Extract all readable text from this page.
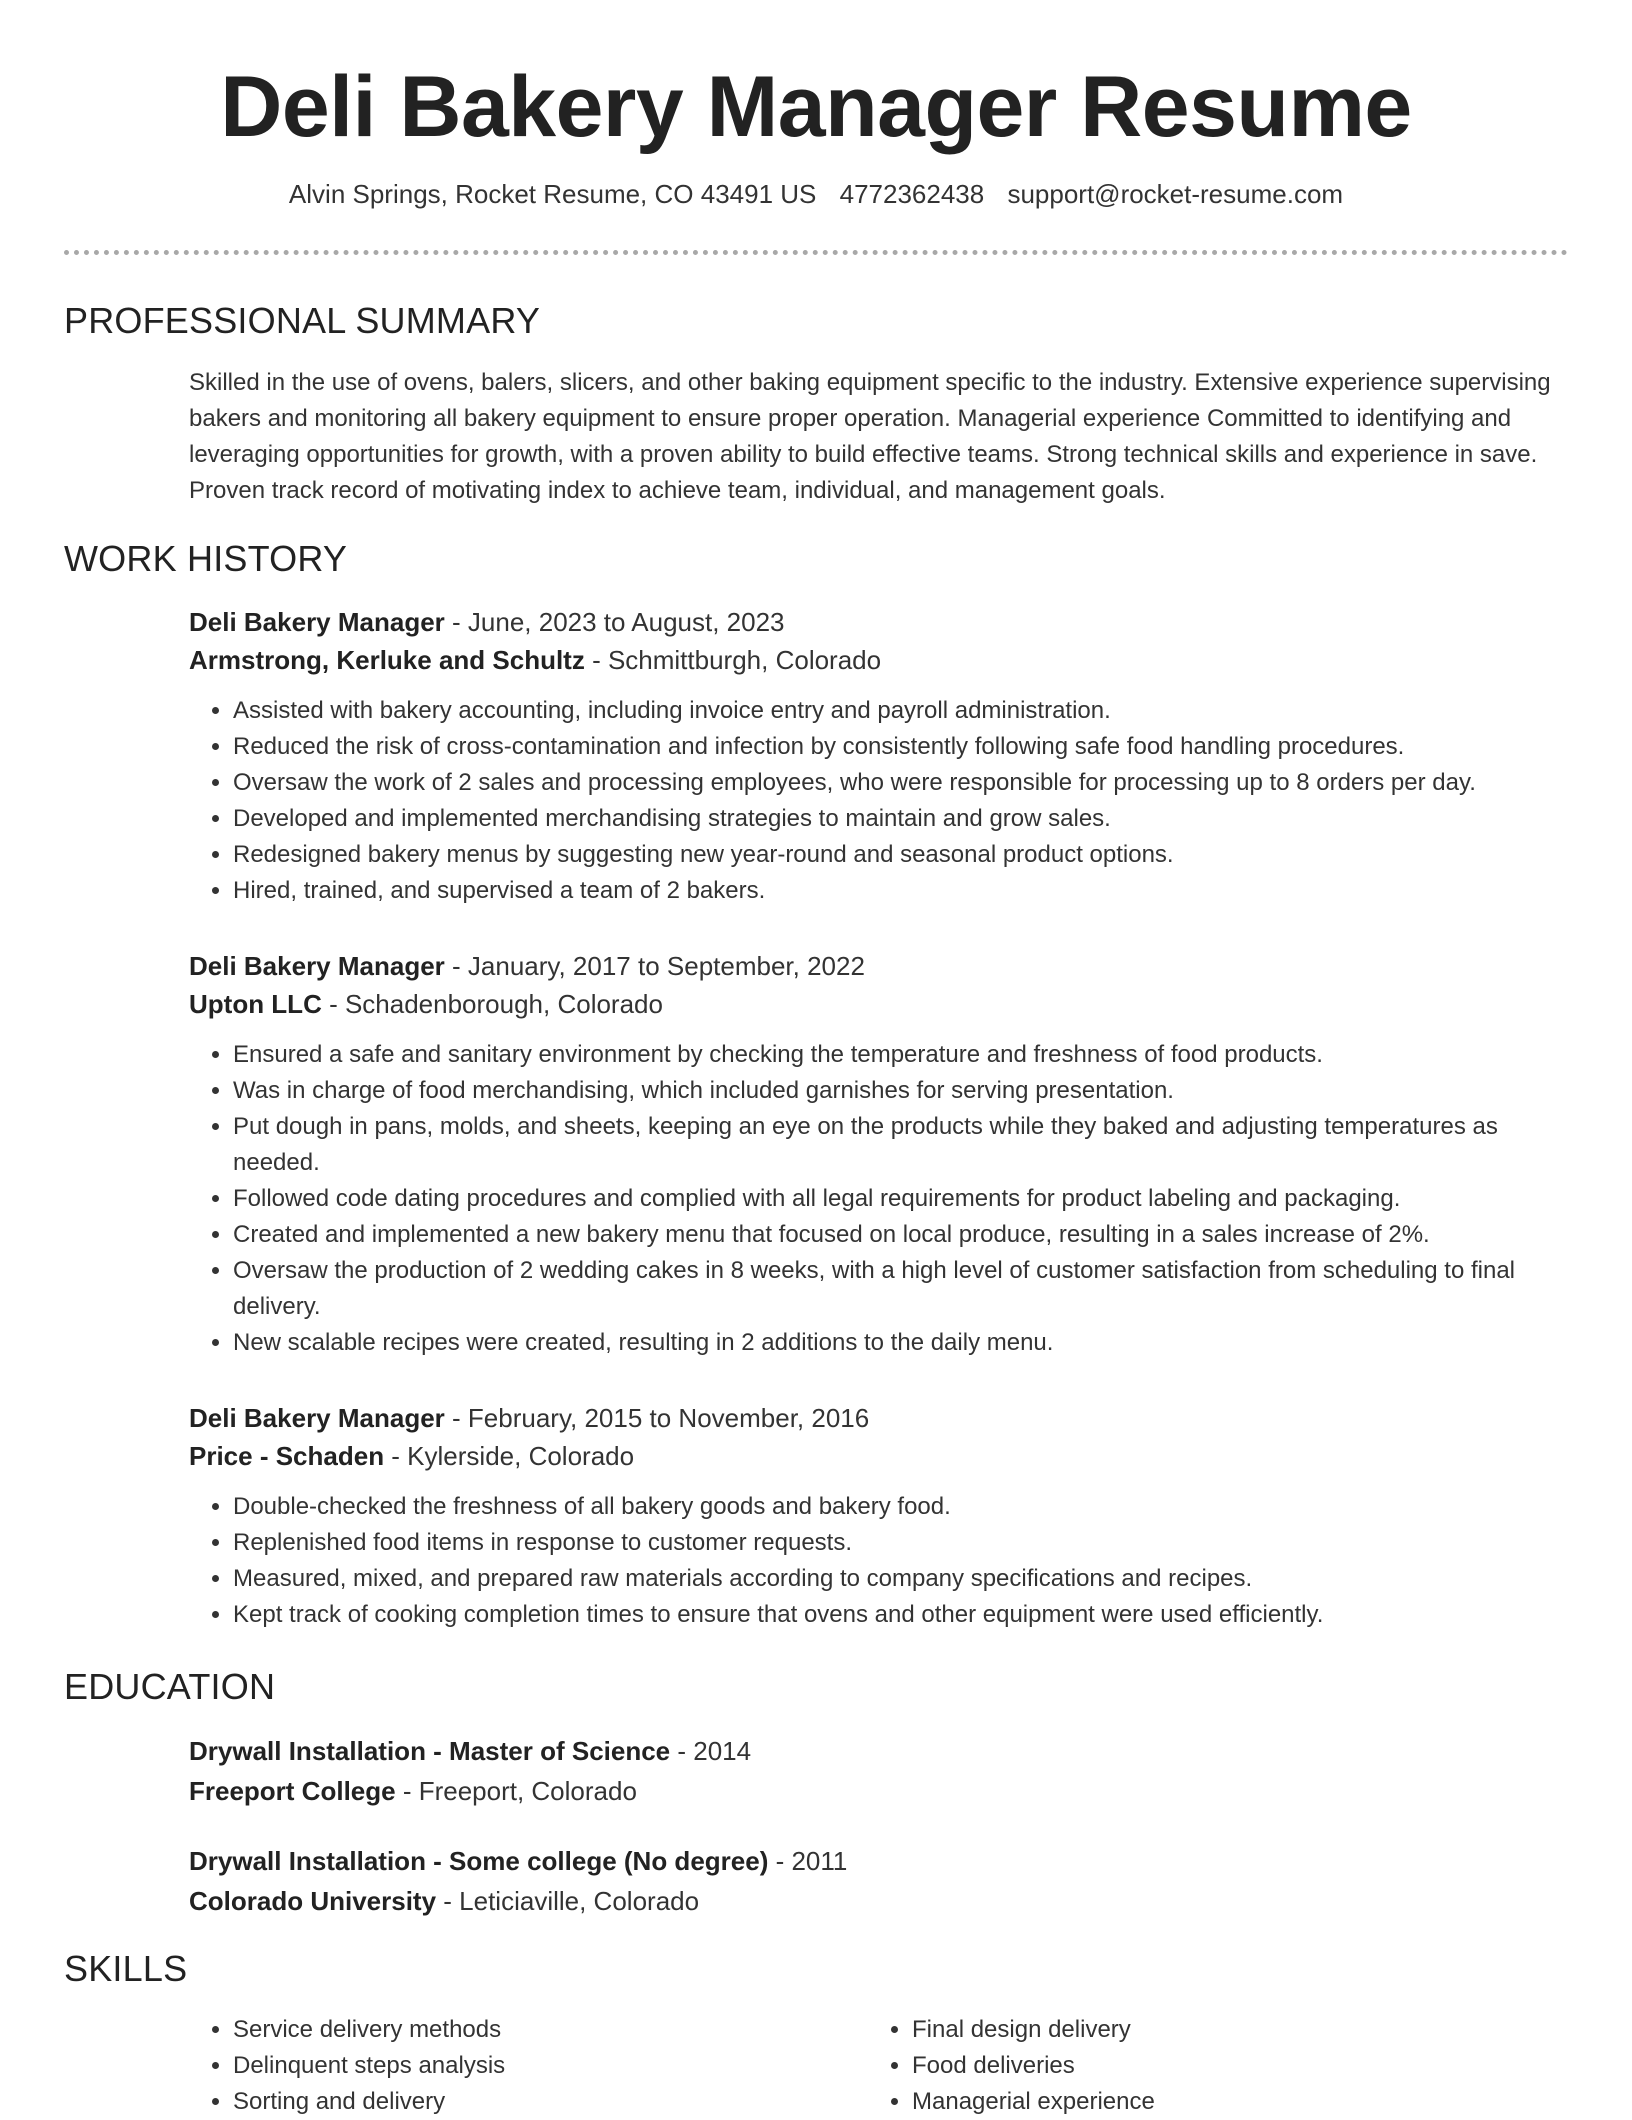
Deli Bakery Manager Resume
Alvin Springs, Rocket Resume, CO 43491 US 4772362438 support@rocket-resume.com
PROFESSIONAL SUMMARY

Skilled in the use of ovens, balers, slicers, and other baking equipment specific to the industry. Extensive experience supervising bakers and monitoring all bakery equipment to ensure proper operation. Managerial experience Committed to identifying and leveraging opportunities for growth, with a proven ability to build effective teams. Strong technical skills and experience in save. Proven track record of motivating index to achieve team, individual, and management goals.

WORK HISTORY
Deli Bakery Manager - June, 2023 to August, 2023
Armstrong, Kerluke and Schultz - Schmittburgh, Colorado
• Assisted with bakery accounting, including invoice entry and payroll administration.
• Reduced the risk of cross-contamination and infection by consistently following safe food handling procedures.
• Oversaw the work of 2 sales and processing employees, who were responsible for processing up to 8 orders per day.
• Developed and implemented merchandising strategies to maintain and grow sales.
• Redesigned bakery menus by suggesting new year-round and seasonal product options.
• Hired, trained, and supervised a team of 2 bakers.
Deli Bakery Manager - January, 2017 to September, 2022
Upton LLC - Schadenborough, Colorado
• Ensured a safe and sanitary environment by checking the temperature and freshness of food products.
• Was in charge of food merchandising, which included garnishes for serving presentation.
• Put dough in pans, molds, and sheets, keeping an eye on the products while they baked and adjusting temperatures as needed.
• Followed code dating procedures and complied with all legal requirements for product labeling and packaging.
• Created and implemented a new bakery menu that focused on local produce, resulting in a sales increase of 2%.
• Oversaw the production of 2 wedding cakes in 8 weeks, with a high level of customer satisfaction from scheduling to final delivery.
• New scalable recipes were created, resulting in 2 additions to the daily menu.
Deli Bakery Manager - February, 2015 to November, 2016
Price - Schaden - Kylerside, Colorado
• Double-checked the freshness of all bakery goods and bakery food.
• Replenished food items in response to customer requests.
• Measured, mixed, and prepared raw materials according to company specifications and recipes.
• Kept track of cooking completion times to ensure that ovens and other equipment were used efficiently.
EDUCATION
Drywall Installation - Master of Science - 2014
Freeport College - Freeport, Colorado
Drywall Installation - Some college (No degree) - 2011
Colorado University - Leticiaville, Colorado
SKILLS
• Service delivery methods
• Delinquent steps analysis
• Sorting and delivery
• Final design delivery
• Food deliveries
• Managerial experience
